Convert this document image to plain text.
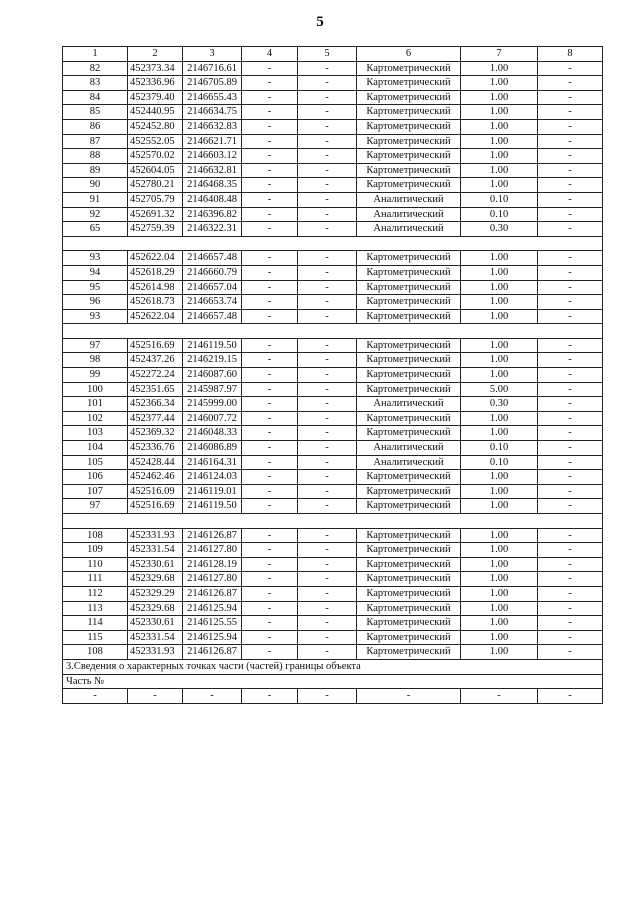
5
1	2	3	4	5	6	7	8
82	452373.34	2146716.61	-	-	Картометрический	1.00	-
83	452336.96	2146705.89	-	-	Картометрический	1.00	-
84	452379.40	2146655.43	-	-	Картометрический	1.00	-
85	452440.95	2146634.75	-	-	Картометрический	1.00	-
86	452452.80	2146632.83	-	-	Картометрический	1.00	-
87	452552.05	2146621.71	-	-	Картометрический	1.00	-
88	452570.02	2146603.12	-	-	Картометрический	1.00	-
89	452604.05	2146632.81	-	-	Картометрический	1.00	-
90	452780.21	2146468.35	-	-	Картометрический	1.00	-
91	452705.79	2146408.48	-	-	Аналитический	0.10	-
92	452691.32	2146396.82	-	-	Аналитический	0.10	-
65	452759.39	2146322.31	-	-	Аналитический	0.30	-

93	452622.04	2146657.48	-	-	Картометрический	1.00	-
94	452618.29	2146660.79	-	-	Картометрический	1.00	-
95	452614.98	2146657.04	-	-	Картометрический	1.00	-
96	452618.73	2146653.74	-	-	Картометрический	1.00	-
93	452622.04	2146657.48	-	-	Картометрический	1.00	-

97	452516.69	2146119.50	-	-	Картометрический	1.00	-
98	452437.26	2146219.15	-	-	Картометрический	1.00	-
99	452272.24	2146087.60	-	-	Картометрический	1.00	-
100	452351.65	2145987.97	-	-	Картометрический	5.00	-
101	452366.34	2145999.00	-	-	Аналитический	0.30	-
102	452377.44	2146007.72	-	-	Картометрический	1.00	-
103	452369.32	2146048.33	-	-	Картометрический	1.00	-
104	452336.76	2146086.89	-	-	Аналитический	0.10	-
105	452428.44	2146164.31	-	-	Аналитический	0.10	-
106	452462.46	2146124.03	-	-	Картометрический	1.00	-
107	452516.09	2146119.01	-	-	Картометрический	1.00	-
97	452516.69	2146119.50	-	-	Картометрический	1.00	-

108	452331.93	2146126.87	-	-	Картометрический	1.00	-
109	452331.54	2146127.80	-	-	Картометрический	1.00	-
110	452330.61	2146128.19	-	-	Картометрический	1.00	-
111	452329.68	2146127.80	-	-	Картометрический	1.00	-
112	452329.29	2146126.87	-	-	Картометрический	1.00	-
113	452329.68	2146125.94	-	-	Картометрический	1.00	-
114	452330.61	2146125.55	-	-	Картометрический	1.00	-
115	452331.54	2146125.94	-	-	Картометрический	1.00	-
108	452331.93	2146126.87	-	-	Картометрический	1.00	-
3.Сведения о характерных точках части (частей) границы объекта							
Часть №							
-	-	-	-	-	-	-	-
